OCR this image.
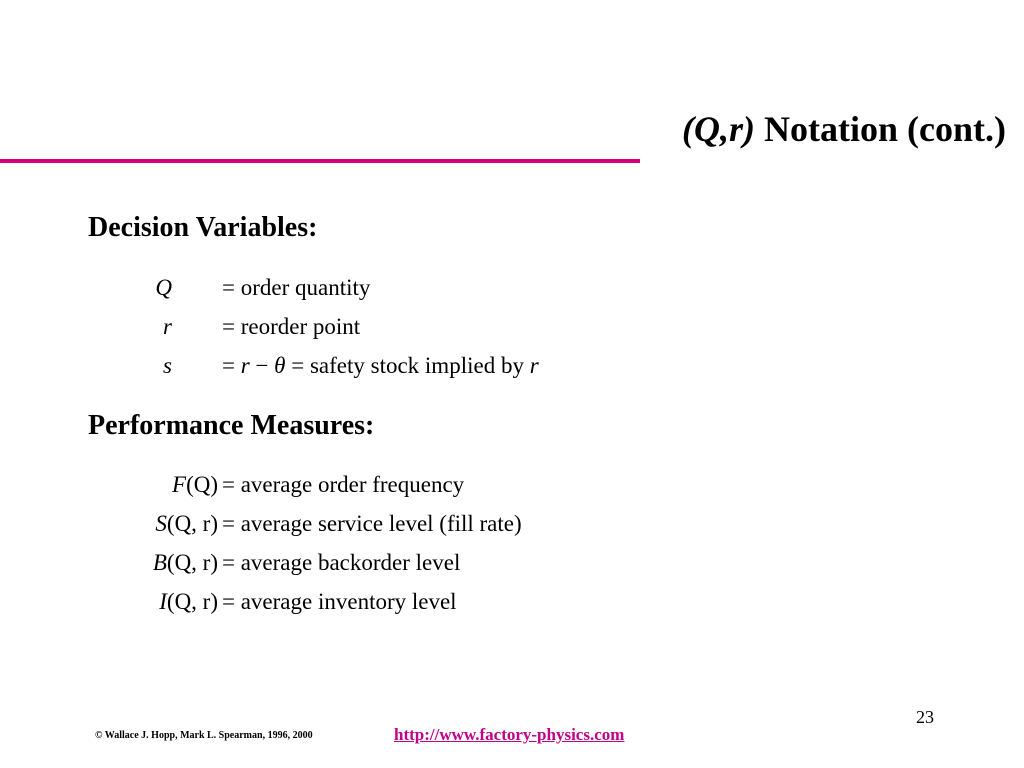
(Q,r) Notation (cont.)
Decision Variables:
Q = order quantity
r = reorder point
s = r − θ = safety stock implied by r
Performance Measures:
F(Q) = average order frequency
S(Q, r) = average service level (fill rate)
B(Q, r) = average backorder level
I(Q, r) = average inventory level
23
© Wallace J. Hopp, Mark L. Spearman, 1996, 2000	http://www.factory-physics.com
